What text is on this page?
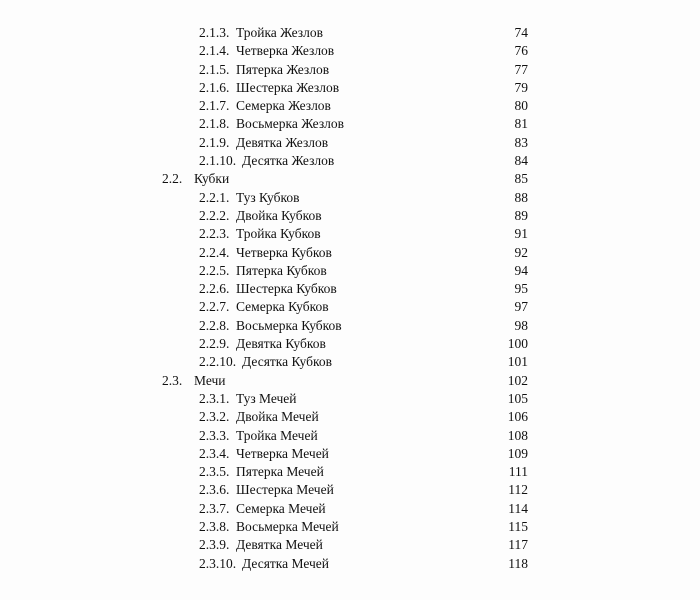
2.1.3. Тройка Жезлов	74
2.1.4. Четверка Жезлов	76
2.1.5. Пятерка Жезлов	77
2.1.6. Шестерка Жезлов	79
2.1.7. Семерка Жезлов	80
2.1.8. Восьмерка Жезлов	81
2.1.9. Девятка Жезлов	83
2.1.10. Десятка Жезлов	84
2.2. Кубки	85
2.2.1. Туз Кубков	88
2.2.2. Двойка Кубков	89
2.2.3. Тройка Кубков	91
2.2.4. Четверка Кубков	92
2.2.5. Пятерка Кубков	94
2.2.6. Шестерка Кубков	95
2.2.7. Семерка Кубков	97
2.2.8. Восьмерка Кубков	98
2.2.9. Девятка Кубков	100
2.2.10. Десятка Кубков	101
2.3. Мечи	102
2.3.1. Туз Мечей	105
2.3.2. Двойка Мечей	106
2.3.3. Тройка Мечей	108
2.3.4. Четверка Мечей	109
2.3.5. Пятерка Мечей	111
2.3.6. Шестерка Мечей	112
2.3.7. Семерка Мечей	114
2.3.8. Восьмерка Мечей	115
2.3.9. Девятка Мечей	117
2.3.10. Десятка Мечей	118
